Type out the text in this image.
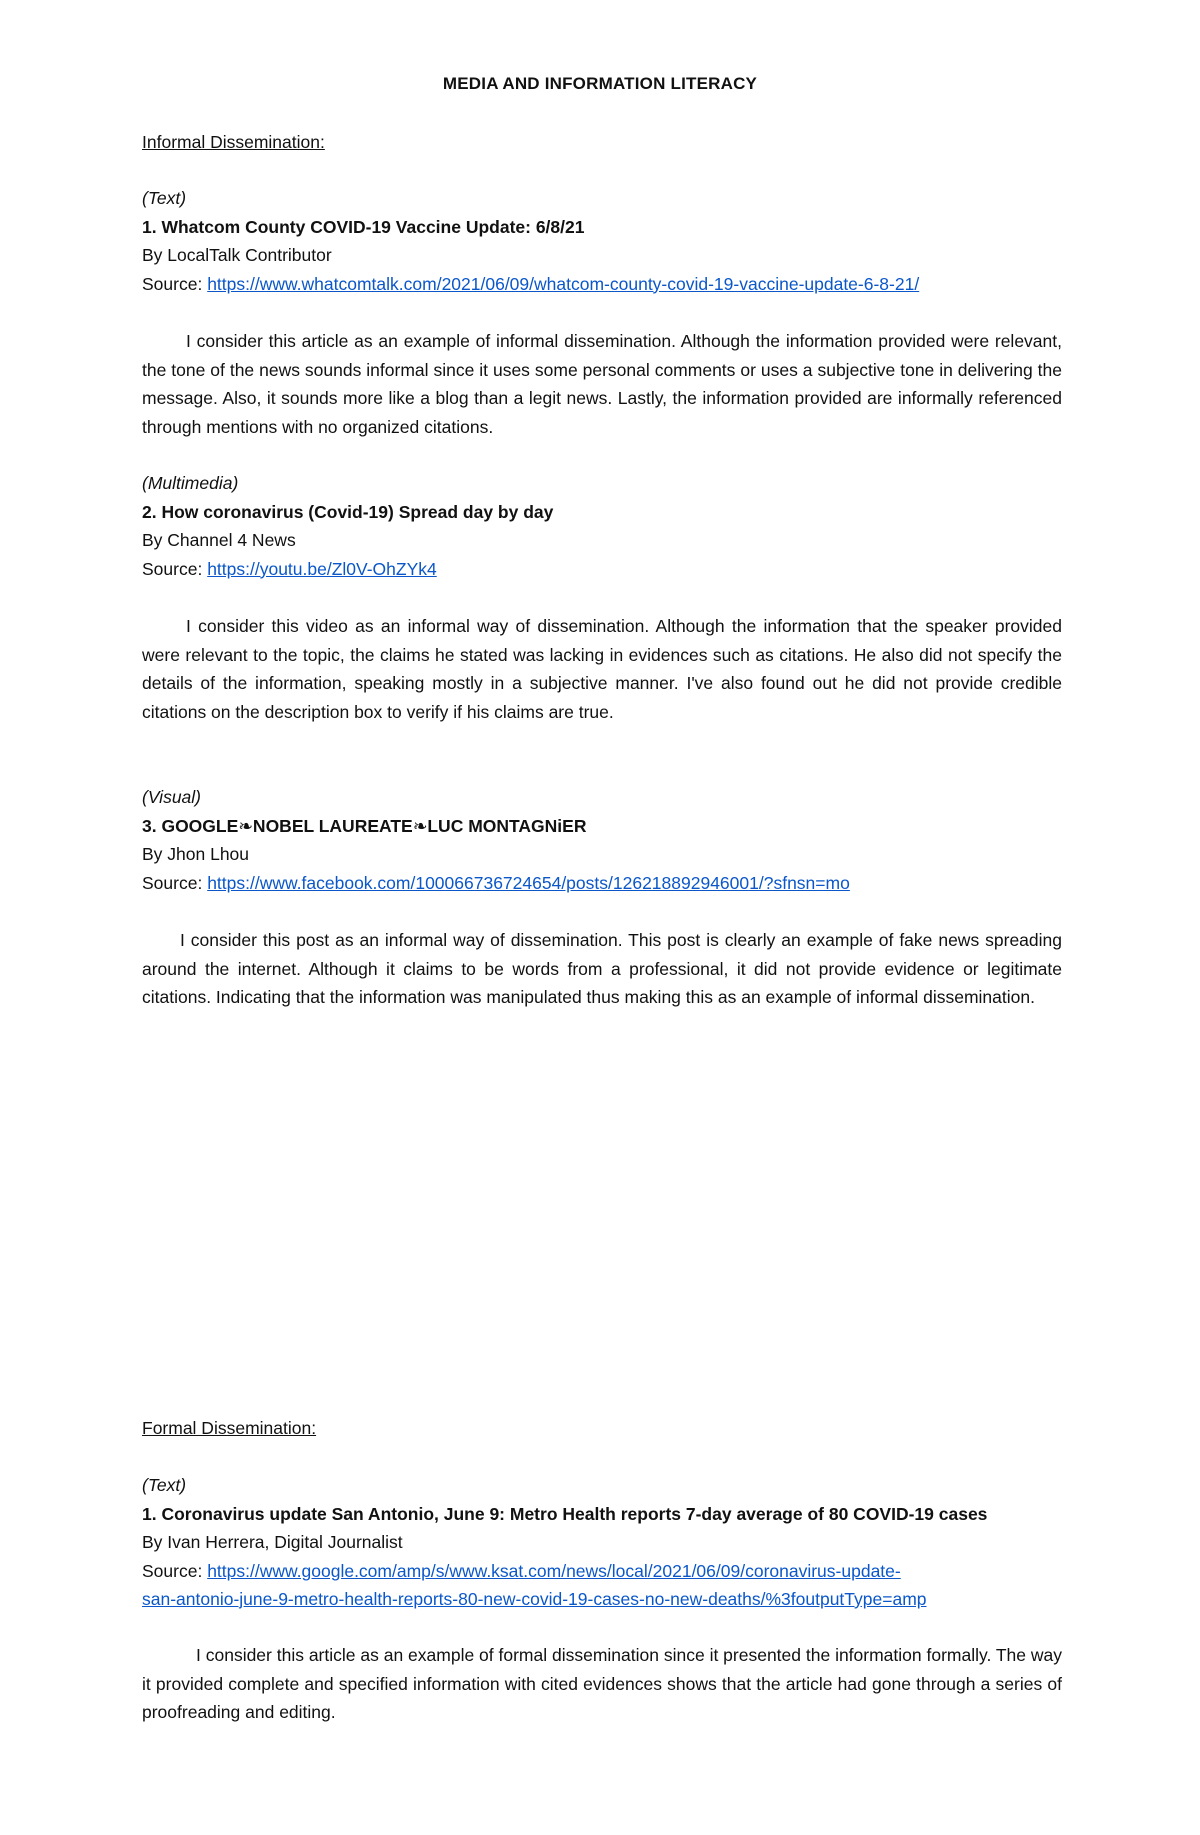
MEDIA AND INFORMATION LITERACY
Informal Dissemination:
(Text)
1. Whatcom County COVID-19 Vaccine Update: 6/8/21
By LocalTalk Contributor
Source: https://www.whatcomtalk.com/2021/06/09/whatcom-county-covid-19-vaccine-update-6-8-21/
I consider this article as an example of informal dissemination. Although the information provided were relevant, the tone of the news sounds informal since it uses some personal comments or uses a subjective tone in delivering the message. Also, it sounds more like a blog than a legit news. Lastly, the information provided are informally referenced through mentions with no organized citations.
(Multimedia)
2. How coronavirus (Covid-19) Spread day by day
By Channel 4 News
Source: https://youtu.be/Zl0V-OhZYk4
I consider this video as an informal way of dissemination. Although the information that the speaker provided were relevant to the topic, the claims he stated was lacking in evidences such as citations. He also did not specify the details of the information, speaking mostly in a subjective manner. I've also found out he did not provide credible citations on the description box to verify if his claims are true.
(Visual)
3. GOOGLE❧NOBEL LAUREATE❧LUC MONTAGNiER
By Jhon Lhou
Source: https://www.facebook.com/100066736724654/posts/126218892946001/?sfnsn=mo
I consider this post as an informal way of dissemination. This post is clearly an example of fake news spreading around the internet. Although it claims to be words from a professional, it did not provide evidence or legitimate citations. Indicating that the information was manipulated thus making this as an example of informal dissemination.
Formal Dissemination:
(Text)
1. Coronavirus update San Antonio, June 9: Metro Health reports 7-day average of 80 COVID-19 cases
By Ivan Herrera, Digital Journalist
Source: https://www.google.com/amp/s/www.ksat.com/news/local/2021/06/09/coronavirus-update-
san-antonio-june-9-metro-health-reports-80-new-covid-19-cases-no-new-deaths/%3foutputType=amp
I consider this article as an example of formal dissemination since it presented the information formally. The way it provided complete and specified information with cited evidences shows that the article had gone through a series of proofreading and editing.
